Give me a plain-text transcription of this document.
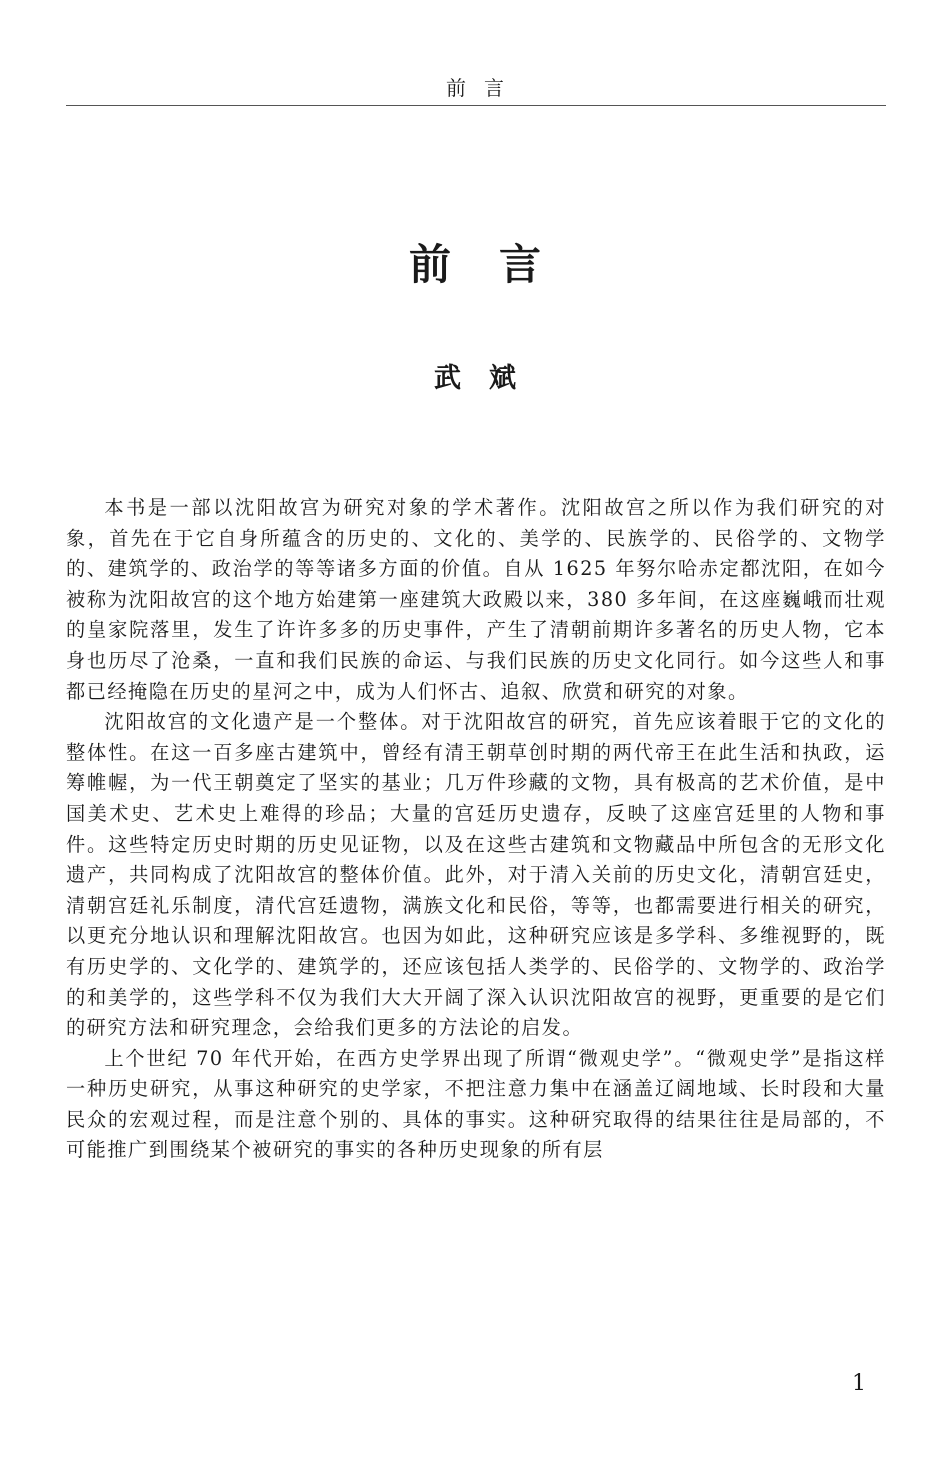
前言
前言
武斌

本书是一部以沈阳故宫为研究对象的学术著作。沈阳故宫之所以作为我们研究的对象，首先在于它自身所蕴含的历史的、文化的、美学的、民族学的、民俗学的、文物学的、建筑学的、政治学的等等诸多方面的价值。自从 1625 年努尔哈赤定都沈阳，在如今被称为沈阳故宫的这个地方始建第一座建筑大政殿以来，380 多年间，在这座巍峨而壮观的皇家院落里，发生了许许多多的历史事件，产生了清朝前期许多著名的历史人物，它本身也历尽了沧桑，一直和我们民族的命运、与我们民族的历史文化同行。如今这些人和事都已经掩隐在历史的星河之中，成为人们怀古、追叙、欣赏和研究的对象。

沈阳故宫的文化遗产是一个整体。对于沈阳故宫的研究，首先应该着眼于它的文化的整体性。在这一百多座古建筑中，曾经有清王朝草创时期的两代帝王在此生活和执政，运筹帷幄，为一代王朝奠定了坚实的基业；几万件珍藏的文物，具有极高的艺术价值，是中国美术史、艺术史上难得的珍品；大量的宫廷历史遗存，反映了这座宫廷里的人物和事件。这些特定历史时期的历史见证物，以及在这些古建筑和文物藏品中所包含的无形文化遗产，共同构成了沈阳故宫的整体价值。此外，对于清入关前的历史文化，清朝宫廷史，清朝宫廷礼乐制度，清代宫廷遗物，满族文化和民俗，等等，也都需要进行相关的研究，以更充分地认识和理解沈阳故宫。也因为如此，这种研究应该是多学科、多维视野的，既有历史学的、文化学的、建筑学的，还应该包括人类学的、民俗学的、文物学的、政治学的和美学的，这些学科不仅为我们大大开阔了深入认识沈阳故宫的视野，更重要的是它们的研究方法和研究理念，会给我们更多的方法论的启发。

上个世纪 70 年代开始，在西方史学界出现了所谓“微观史学”。“微观史学”是指这样一种历史研究，从事这种研究的史学家，不把注意力集中在涵盖辽阔地域、长时段和大量民众的宏观过程，而是注意个别的、具体的事实。这种研究取得的结果往往是局部的，不可能推广到围绕某个被研究的事实的各种历史现象的所有层

1
